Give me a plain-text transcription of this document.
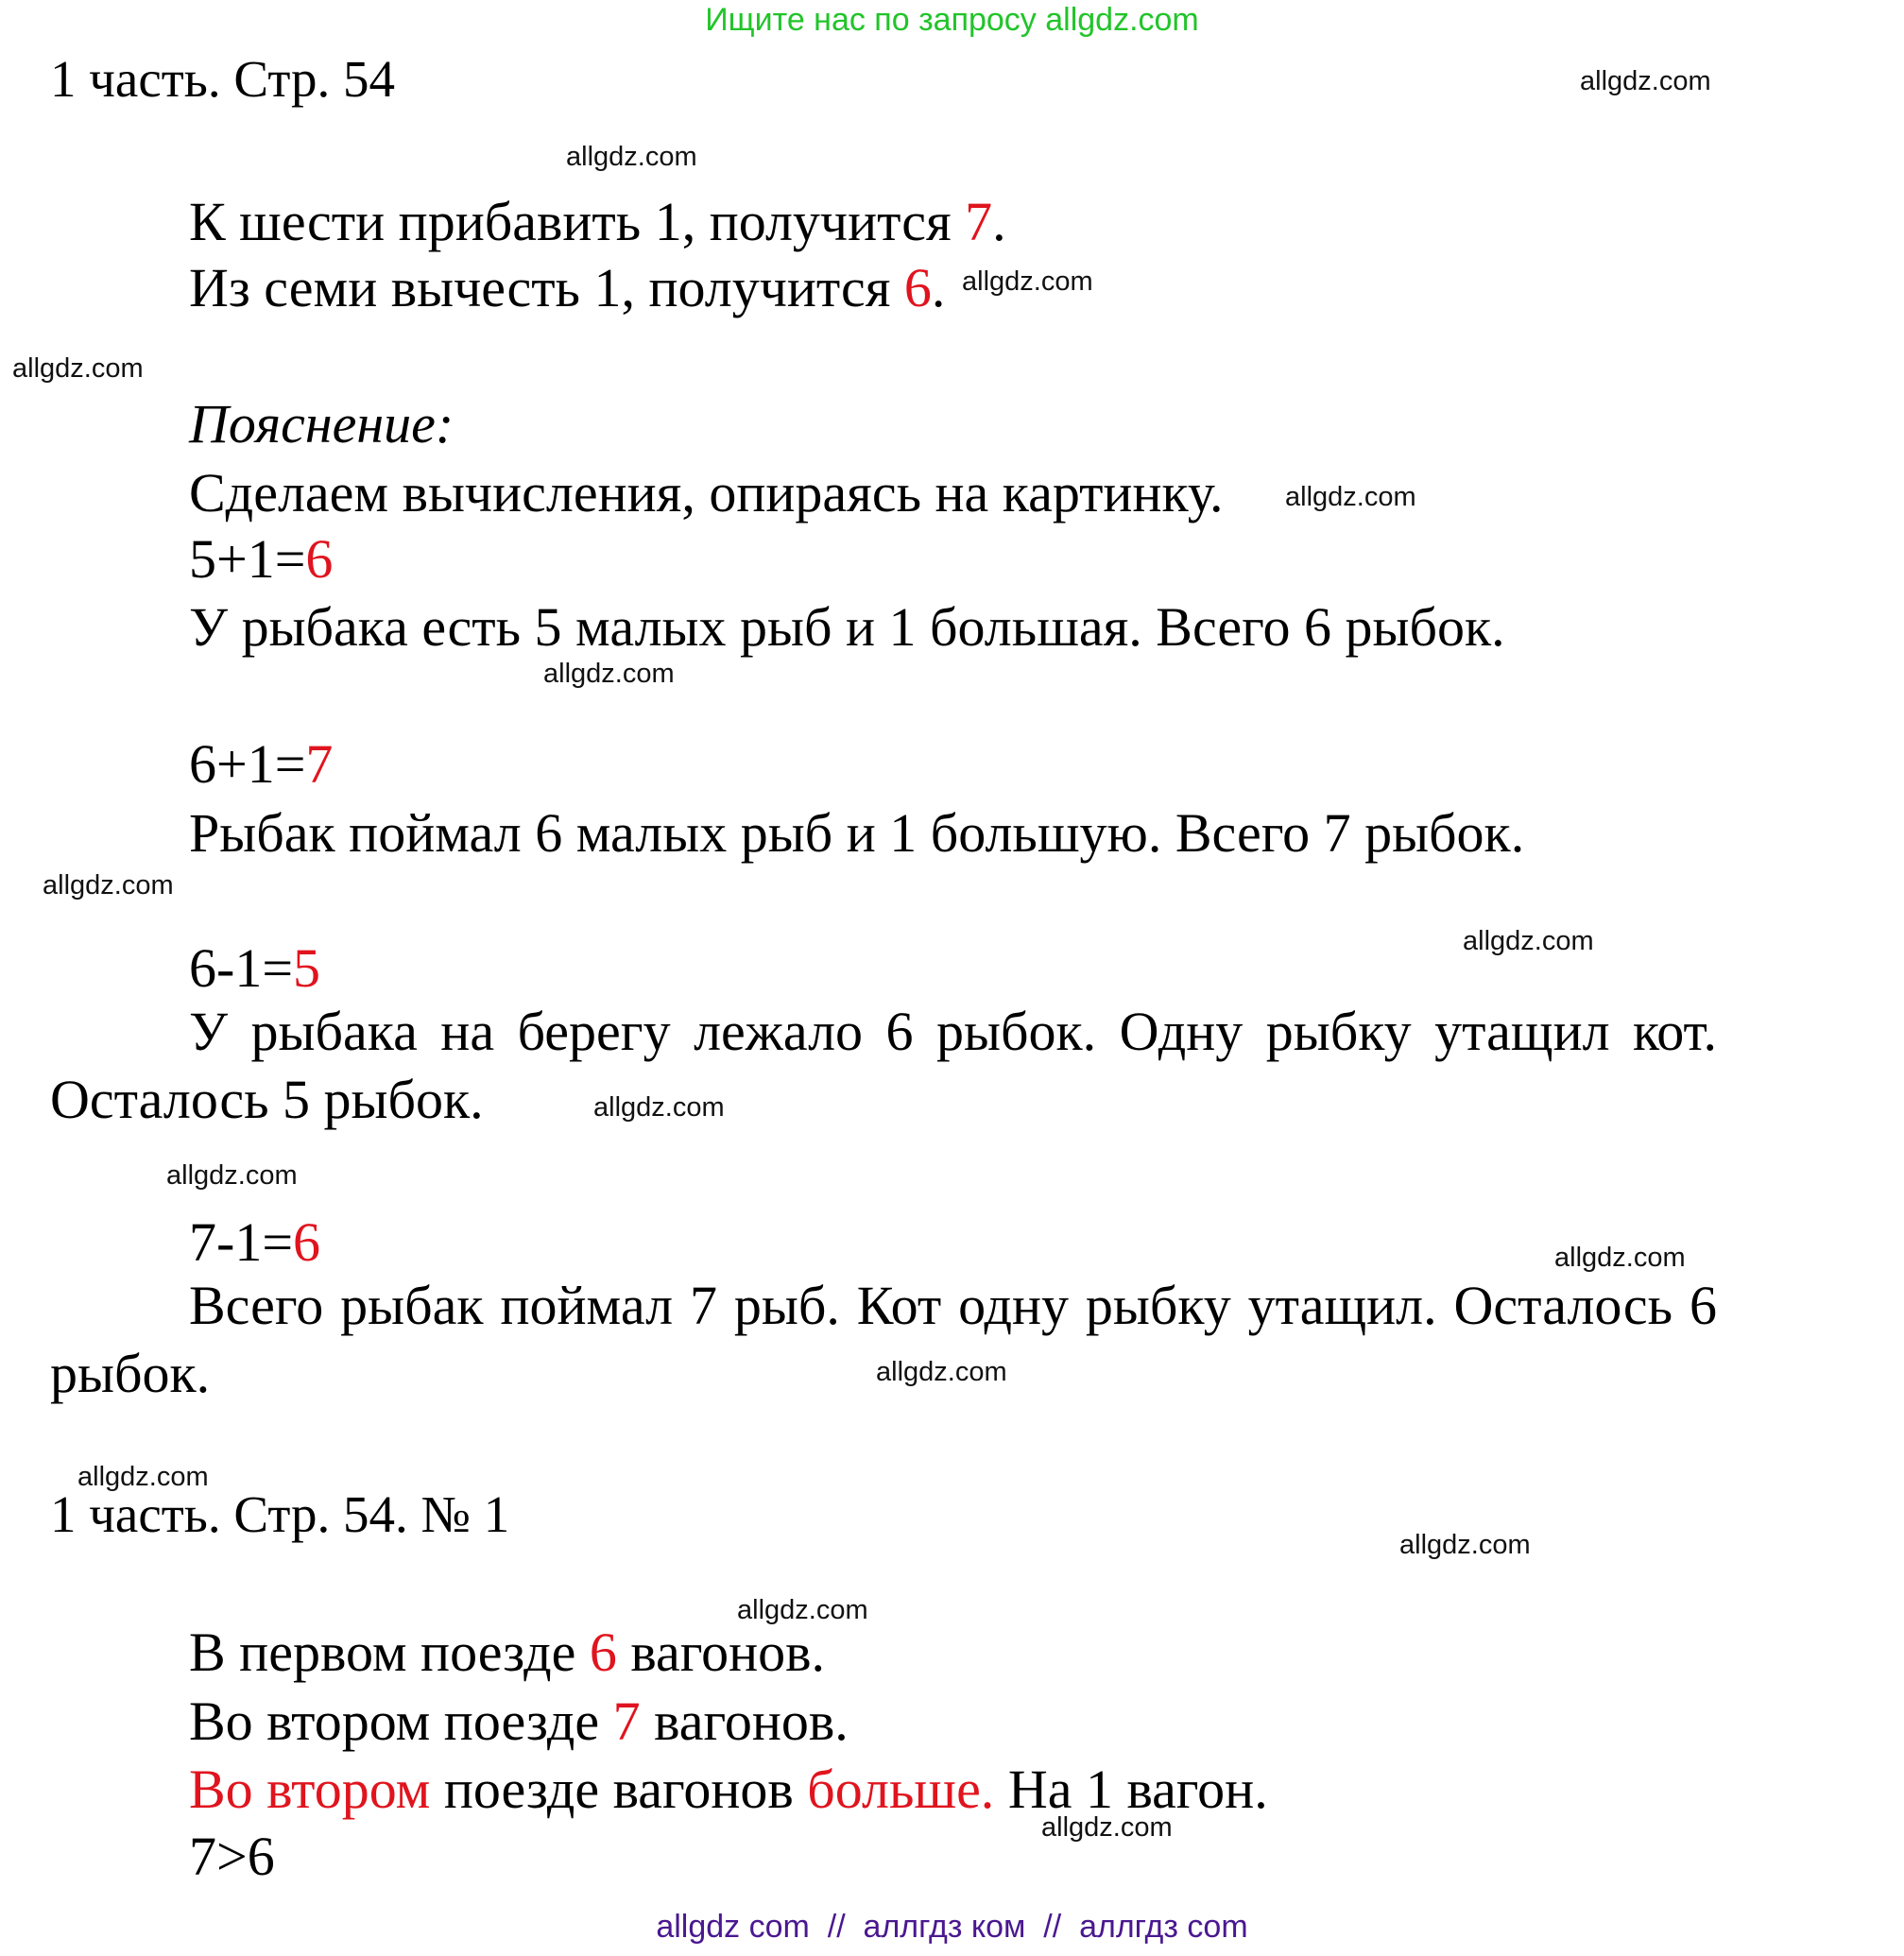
Ищите нас по запросу allgdz.com
1 часть. Стр. 54
К шести прибавить 1, получится 7.
Из семи вычесть 1, получится 6.
Пояснение:
Сделаем вычисления, опираясь на картинку.
5+1=6
У рыбака есть 5 малых рыб и 1 большая. Всего 6 рыбок.
6+1=7
Рыбак поймал 6 малых рыб и 1 большую. Всего 7 рыбок.
6-1=5
У рыбака на берегу лежало 6 рыбок. Одну рыбку утащил кот. Осталось 5 рыбок.
7-1=6
Всего рыбак поймал 7 рыб. Кот одну рыбку утащил. Осталось 6 рыбок.
1 часть. Стр. 54. № 1
В первом поезде 6 вагонов.
Во втором поезде 7 вагонов.
Во втором поезде вагонов больше. На 1 вагон.
7>6
allgdz.com
allgdz.com
allgdz.com
allgdz.com
allgdz.com
allgdz.com
allgdz.com
allgdz.com
allgdz.com
allgdz.com
allgdz.com
allgdz.com
allgdz.com
allgdz.com
allgdz.com
allgdz.com
allgdz com  //  аллгдз ком  //  аллгдз com
